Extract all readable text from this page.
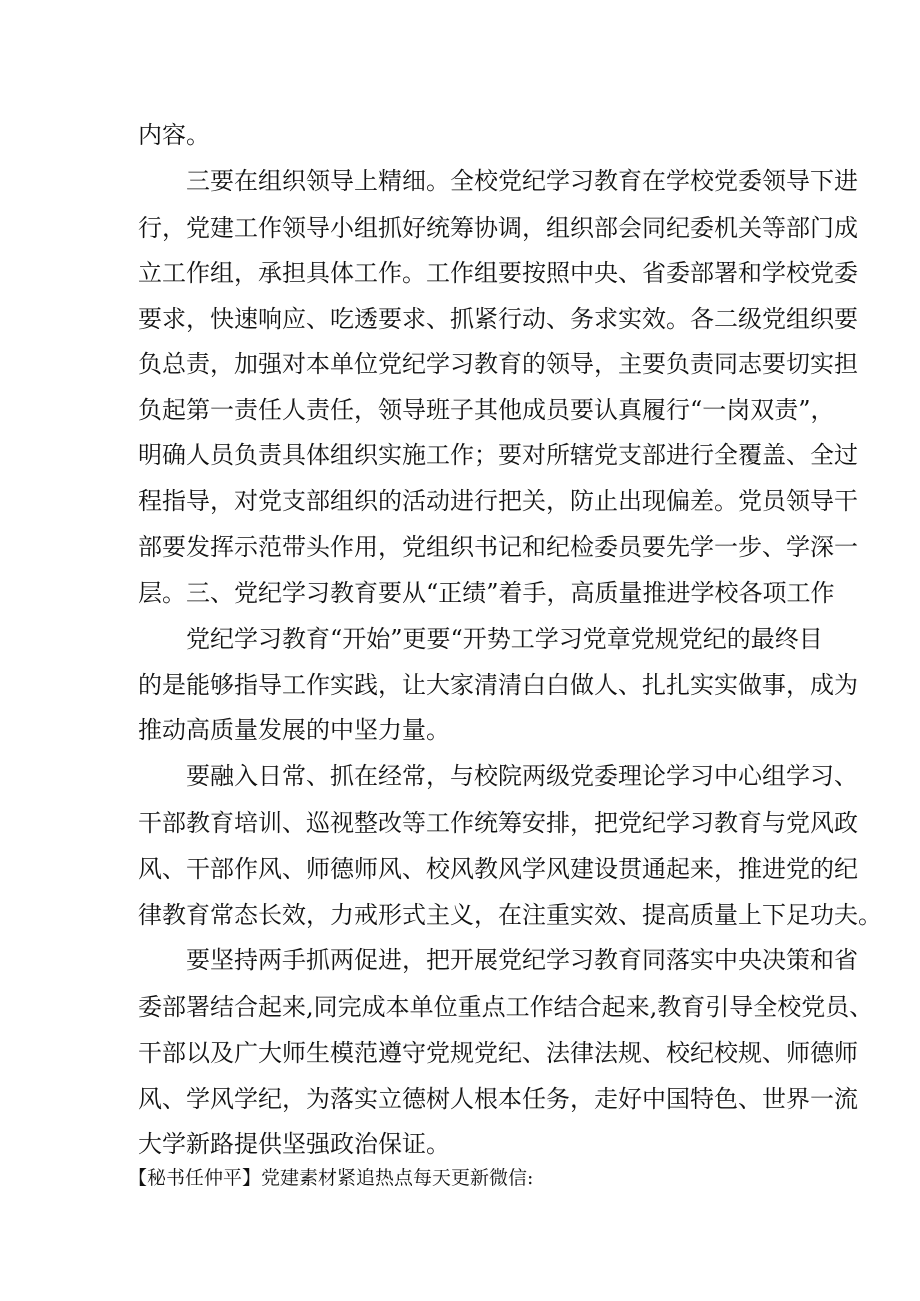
内容。
三要在组织领导上精细。全校党纪学习教育在学校党委领导下进
行，党建工作领导小组抓好统筹协调，组织部会同纪委机关等部门成
立工作组，承担具体工作。工作组要按照中央、省委部署和学校党委
要求，快速响应、吃透要求、抓紧行动、务求实效。各二级党组织要
负总责，加强对本单位党纪学习教育的领导，主要负责同志要切实担
负起第一责任人责任，领导班子其他成员要认真履行“一岗双责”，
明确人员负责具体组织实施工作；要对所辖党支部进行全覆盖、全过
程指导，对党支部组织的活动进行把关，防止出现偏差。党员领导干
部要发挥示范带头作用，党组织书记和纪检委员要先学一步、学深一
层。三、党纪学习教育要从“正绩”着手，高质量推进学校各项工作
党纪学习教育“开始”更要“开势工学习党章党规党纪的最终目
的是能够指导工作实践，让大家清清白白做人、扎扎实实做事，成为
推动高质量发展的中坚力量。
要融入日常、抓在经常，与校院两级党委理论学习中心组学习、
干部教育培训、巡视整改等工作统筹安排，把党纪学习教育与党风政
风、干部作风、师德师风、校风教风学风建设贯通起来，推进党的纪
律教育常态长效，力戒形式主义，在注重实效、提高质量上下足功夫。
要坚持两手抓两促进，把开展党纪学习教育同落实中央决策和省
委部署结合起来,同完成本单位重点工作结合起来,教育引导全校党员、
干部以及广大师生模范遵守党规党纪、法律法规、校纪校规、师德师
风、学风学纪，为落实立德树人根本任务，走好中国特色、世界一流
大学新路提供坚强政治保证。
【秘书任仲平】党建素材紧追热点每天更新微信:
